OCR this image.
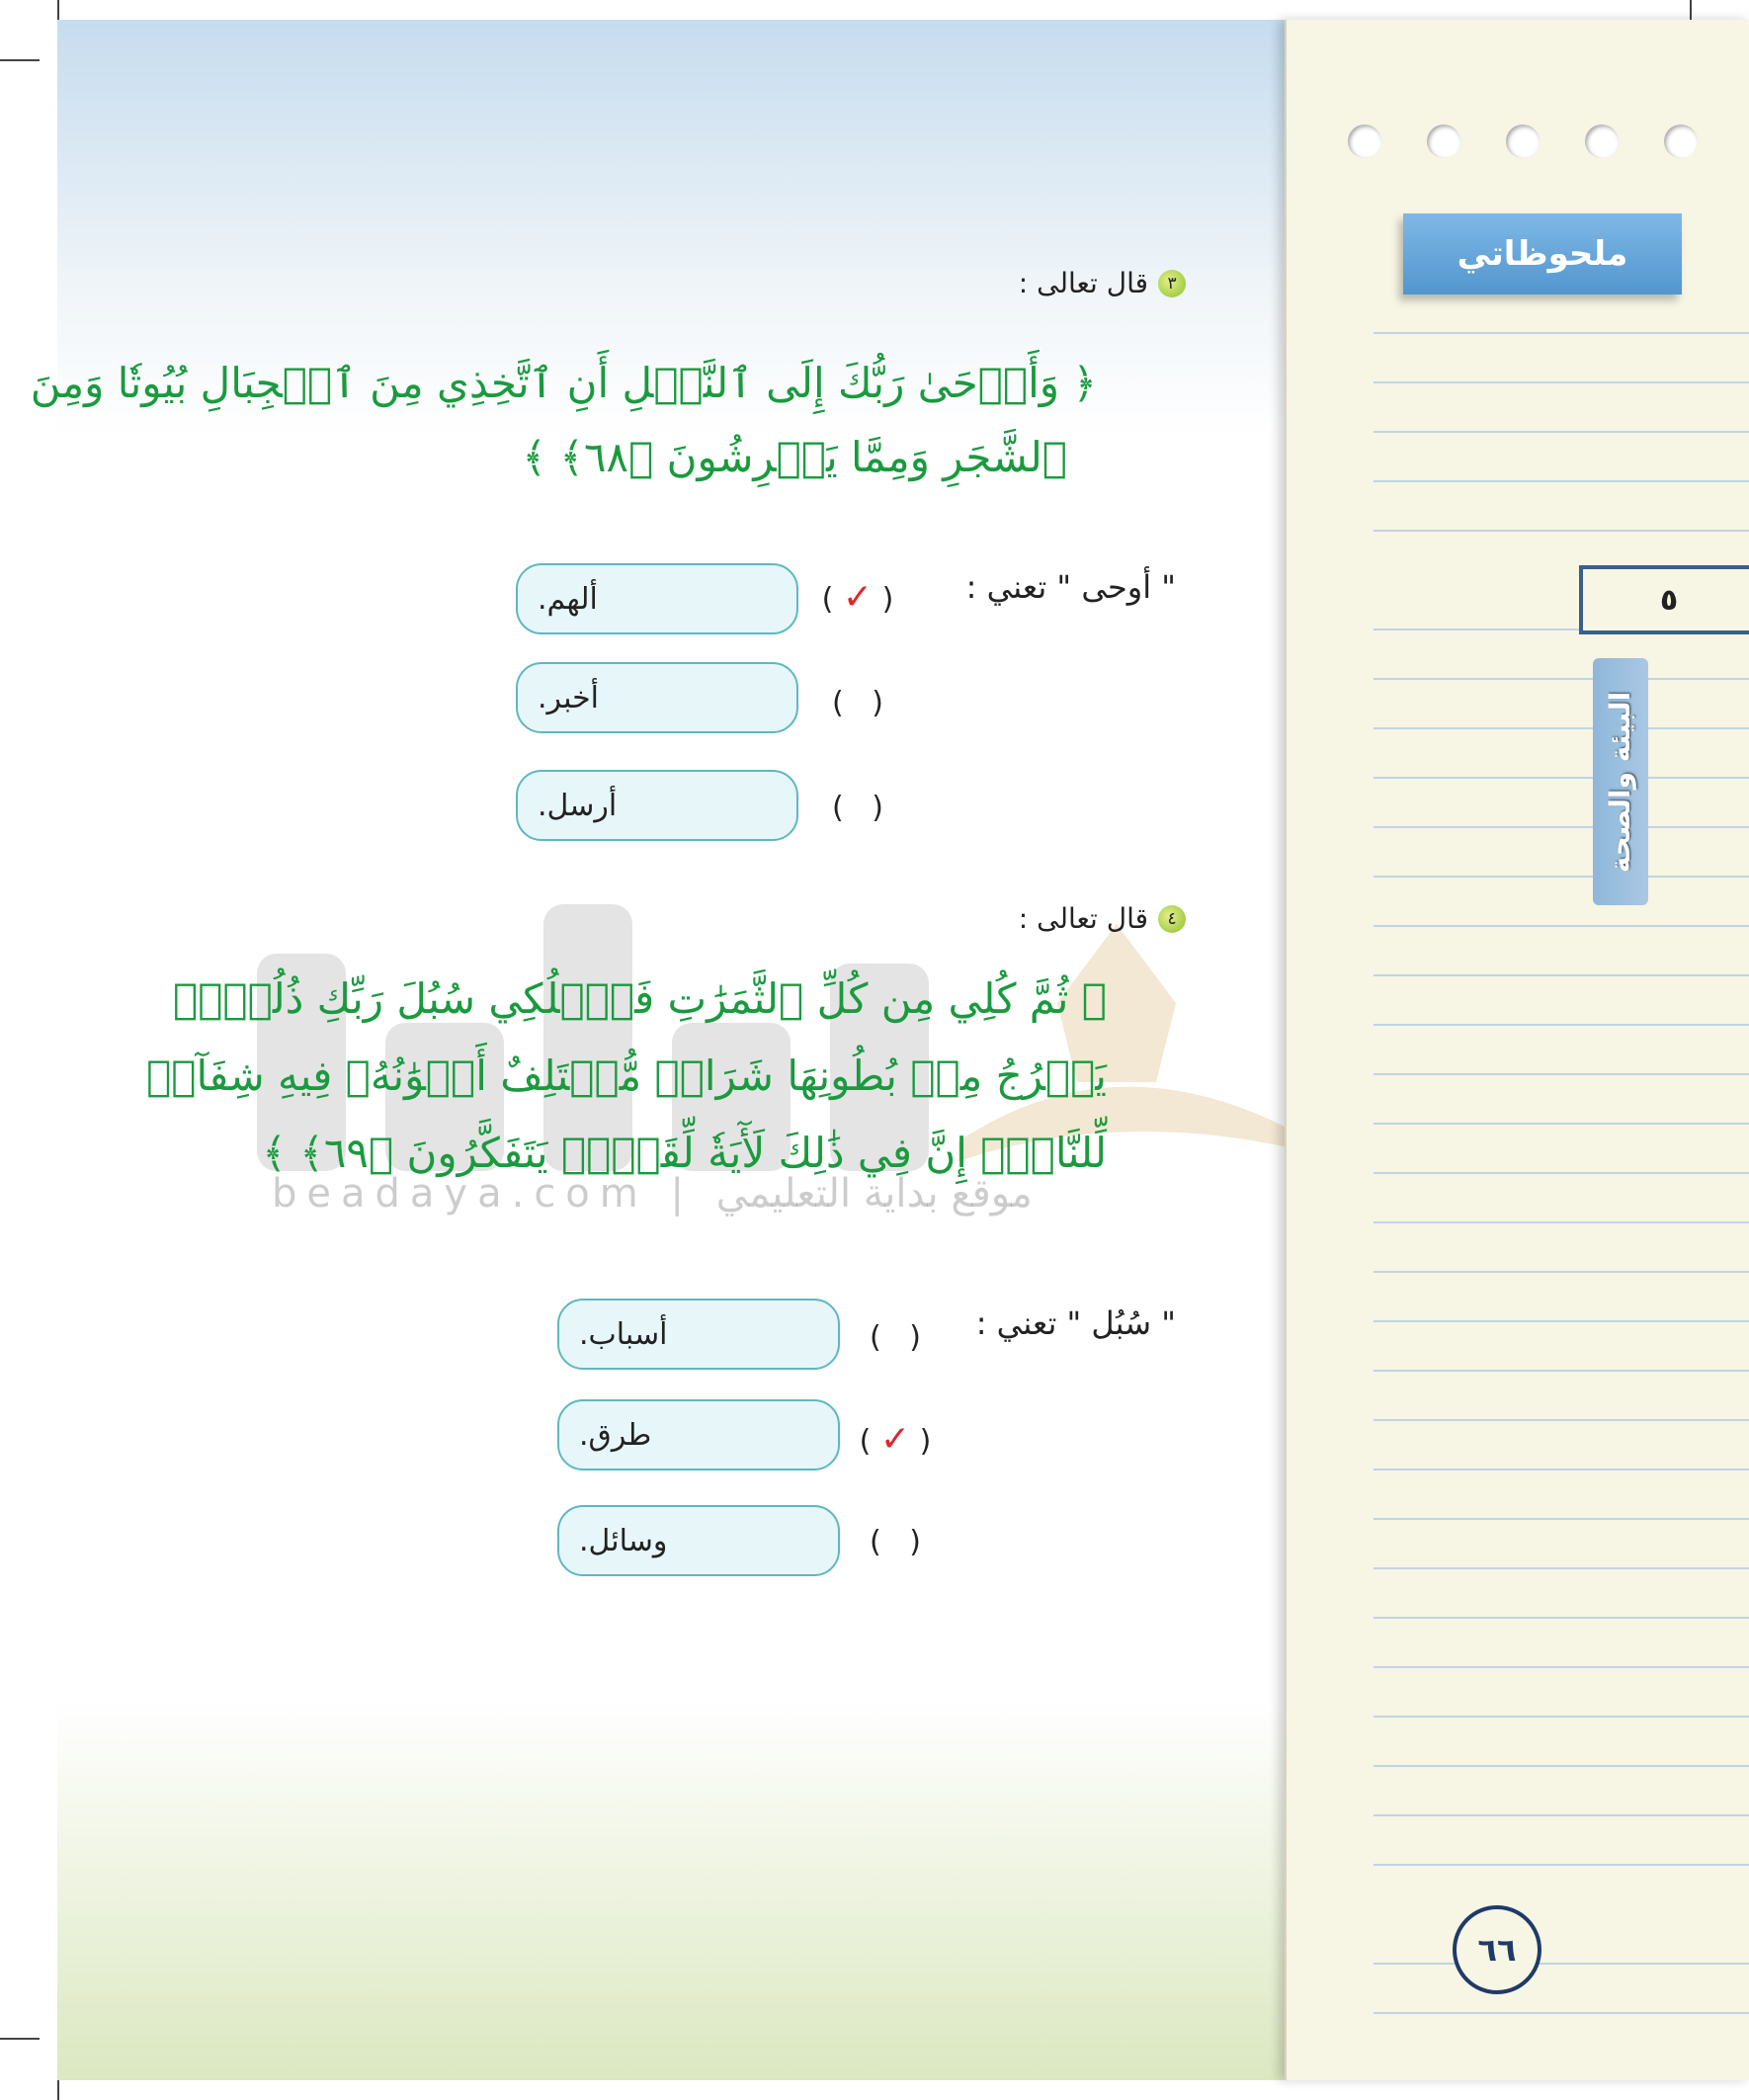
beadaya.com | موقع بداية التعليمي
ملحوظاتي
٥
البيئة والصحة
٦٦
٣
قال تعالى :
﴿ وَأَوۡحَىٰ رَبُّكَ إِلَى ٱلنَّحۡلِ أَنِ ٱتَّخِذِي مِنَ ٱلۡجِبَالِ بُيُوتٗا وَمِنَ
ٱلشَّجَرِ وَمِمَّا يَعۡرِشُونَ ﴿٦٨﴾ ﴾
" أوحى " تعني :
( ✓ )
ألهم.
(   )
أخبر.
(   )
أرسل.
٤
قال تعالى :
﴿ ثُمَّ كُلِي مِن كُلِّ ٱلثَّمَرَٰتِ فَٱسۡلُكِي سُبُلَ رَبِّكِ ذُلُلٗاۚ
يَخۡرُجُ مِنۢ بُطُونِهَا شَرَابٞ مُّخۡتَلِفٌ أَلۡوَٰنُهُۥ فِيهِ شِفَآءٞ
لِّلنَّاسِۚ إِنَّ فِي ذَٰلِكَ لَأٓيَةٗ لِّقَوۡمٖ يَتَفَكَّرُونَ ﴿٦٩﴾ ﴾
" سُبُل " تعني :
(   )
أسباب.
( ✓ )
طرق.
(   )
وسائل.
